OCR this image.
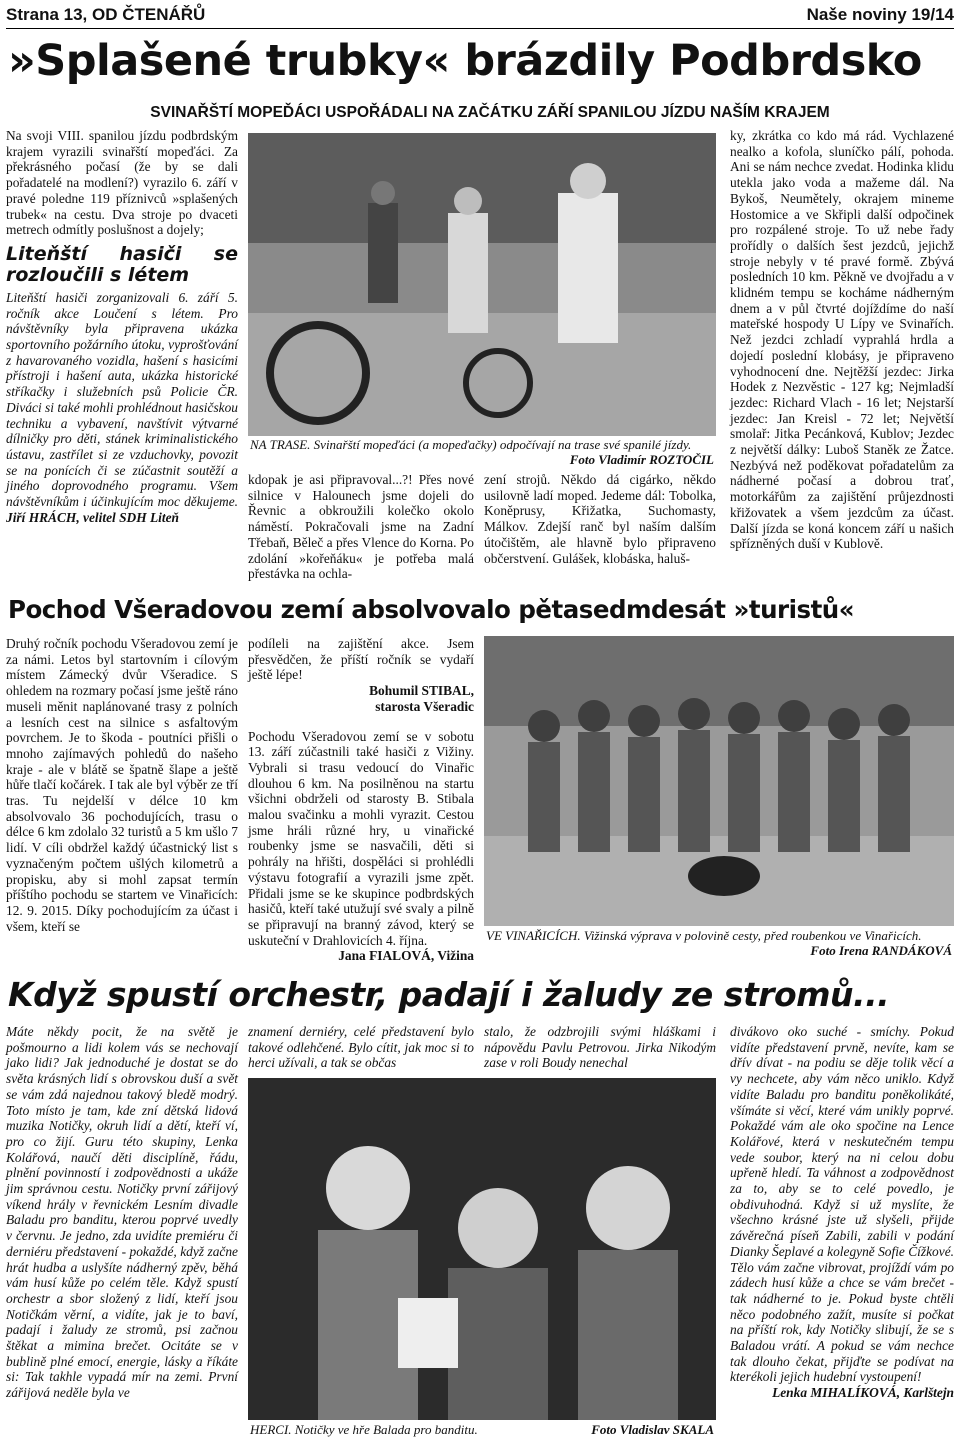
Strana 13, OD ČTENÁŘŮ	Naše noviny 19/14
»Splašené trubky« brázdily Podbrdsko
SVINAŘŠTÍ MOPEĎÁCI USPOŘÁDALI NA ZAČÁTKU ZÁŘÍ SPANILOU JÍZDU NAŠÍM KRAJEM

Na svoji VIII. spanilou jízdu podbrdským krajem vyrazili svinařští mopeďáci. Za překrásného počasí (že by se dali pořadatelé na modlení?) vyrazilo 6. září v pravé poledne 119 příznivců »splašených trubek« na cestu. Dva stroje po dvaceti metrech odmítly poslušnost a dojely;

Liteňští hasiči se rozloučili s létem

Liteňští hasiči zorganizovali 6. září 5. ročník akce Loučení s létem. Pro návštěvníky byla připravena ukázka sportovního požárního útoku, vyprošťování z havarovaného vozidla, hašení s hasicími přístroji i hašení auta, ukázka historické stříkačky i služebních psů Policie ČR. Diváci si také mohli prohlédnout hasičskou techniku a vybavení, navštívit výtvarné dílničky pro děti, stánek kriminalistického ústavu, zastřílet si ze vzduchovky, povozit se na ponících či se zúčastnit soutěží a jiného doprovodného programu. Všem návštěvníkům i účinkujícím moc děkujeme. Jiří HRÁCH, velitel SDH Liteň

NA TRASE. Svinařští mopeďáci (a mopeďačky) odpočívají na trase své spanilé jízdy.
Foto Vladimír ROZTOČIL
kdopak je asi připravoval...?! Přes nové silnice v Halounech jsme dojeli do Řevnic a obkroužili kolečko okolo náměstí. Pokračovali jsme na Zadní Třebaň, Běleč a přes Vlence do Korna. Po zdolání »kořeňáku« je potřeba malá přestávka na ochla-
zení strojů. Někdo dá cigárko, někdo usilovně ladí moped. Jedeme dál: Tobolka, Koněprusy, Křižatka, Suchomasty, Málkov. Zdejší ranč byl naším dalším útočištěm, ale hlavně bylo připraveno občerstvení. Gulášek, klobáska, haluš-
ky, zkrátka co kdo má rád. Vychlazené nealko a kofola, sluníčko pálí, pohoda. Ani se nám nechce zvedat. Hodinka klidu utekla jako voda a mažeme dál. Na Bykoš, Neumětely, okrajem mineme Hostomice a ve Skřipli další odpočinek pro rozpálené stroje. To už nebe řady prořídly o dalších šest jezdců, jejichž stroje nebyly v té pravé formě. Zbývá posledních 10 km. Pěkně ve dvojřadu a v klidném tempu se kocháme nádherným dnem a v půl čtvrté dojíždíme do naší mateřské hospody U Lípy ve Svinařích. Než jezdci zchladí vyprahlá hrdla a dojedí poslední klobásy, je připraveno vyhodnocení dne. Nejtěžší jezdec: Jirka Hodek z Nezvěstic - 127 kg; Nejmladší jezdec: Richard Vlach - 16 let; Nejstarší jezdec: Jan Kreisl - 72 let; Největší smolař: Jitka Pecánková, Kublov; Jezdec z největší dálky: Luboš Staněk ze Žatce. Nezbývá než poděkovat pořadatelům za nádherné počasí a dobrou trať, motorkářům za zajištění průjezdnosti křižovatek a všem jezdcům za účast. Další jízda se koná koncem září u našich spřízněných duší v Kublově.
Pochod Všeradovou zemí absolvovalo pětasedmdesát »turistů«
Druhý ročník pochodu Všeradovou zemí je za námi. Letos byl startovním i cílovým místem Zámecký dvůr Všeradice. S ohledem na rozmary počasí jsme ještě ráno museli měnit naplánované trasy z polních a lesních cest na silnice s asfaltovým povrchem. Je to škoda - poutníci přišli o mnoho zajímavých pohledů do našeho kraje - ale v blátě se špatně šlape a ještě hůře tlačí kočárek. I tak ale byl výběr ze tří tras. Tu nejdelší v délce 10 km absolvovalo 36 pochodujících, trasu o délce 6 km zdolalo 32 turistů a 5 km ušlo 7 lidí. V cíli obdržel každý účastnický list s vyznačeným počtem ušlých kilometrů a propisku, aby si mohl zapsat termín příštího pochodu se startem ve Vinařicích: 12. 9. 2015. Díky pochodujícím za účast i všem, kteří se

podíleli na zajištění akce. Jsem přesvědčen, že příští ročník se vydaří ještě lépe!

Bohumil STIBAL,

starosta Všeradic

Pochodu Všeradovou zemí se v sobotu 13. září zúčastnili také hasiči z Vižiny. Vybrali si trasu vedoucí do Vinařic dlouhou 6 km. Na posilněnou na startu všichni obdrželi od starosty B. Stibala malou svačinku a mohli vyrazit. Cestou jsme hráli různé hry, u vinařické roubenky jsme se nasvačili, děti si pohrály na hřišti, dospěláci si prohlédli výstavu fotografií a vyrazili jsme zpět. Přidali jsme se ke skupince podbrdských hasičů, kteří také utužují své svaly a pilně se připravují na branný závod, který se uskuteční v Drahlovicích 4. října.

Jana FIALOVÁ, Vižina

VE VINAŘICÍCH. Vižinská výprava v polovině cesty, před roubenkou ve Vinařicích.
Foto Irena RANDÁKOVÁ
Když spustí orchestr, padají i žaludy ze stromů...
Máte někdy pocit, že na světě je pošmourno a lidi kolem vás se nechovají jako lidi? Jak jednoduché je dostat se do světa krásných lidí s obrovskou duší a svět se vám zdá najednou takový bledě modrý. Toto místo je tam, kde zní dětská lidová muzika Notičky, okruh lidí a dětí, kteří ví, pro co žijí. Guru této skupiny, Lenka Kolářová, naučí děti disciplíně, řádu, plnění povinností i zodpovědnosti a ukáže jim správnou cestu. Notičky první zářijový víkend hrály v řevnickém Lesním divadle Baladu pro banditu, kterou poprvé uvedly v červnu. Je jedno, zda uvidíte premiéru či derniéru představení - pokaždé, když začne hrát hudba a uslyšíte nádherný zpěv, běhá vám husí kůže po celém těle. Když spustí orchestr a sbor složený z lidí, kteří jsou Notičkám věrní, a vidíte, jak je to baví, padají i žaludy ze stromů, psi začnou štěkat a mimina brečet. Ocitáte se v bublině plné emocí, energie, lásky a říkáte si: Tak takhle vypadá mír na zemi. První zářijová neděle byla ve
znamení derniéry, celé představení bylo takové odlehčené. Bylo cítit, jak moc si to herci užívali, a tak se občas
stalo, že odzbrojili svými hláškami i nápovědu Pavlu Petrovou. Jirka Nikodým zase v roli Boudy nenechal
HERCI. Notičky ve hře Balada pro banditu.	Foto Vladislav SKALA

divákovo oko suché - smíchy. Pokud vidíte představení prvně, nevíte, kam se dřív dívat - na podiu se děje tolik věcí a vy nechcete, aby vám něco uniklo. Když vidíte Baladu pro banditu poněkolikáté, všímáte si věcí, které vám unikly poprvé. Pokaždé vám ale oko spočine na Lence Kolářové, která v neskutečném tempu vede soubor, který na ni celou dobu upřeně hledí. Ta váhnost a zodpovědnost za to, aby se to celé povedlo, je obdivuhodná. Když si už myslíte, že všechno krásné jste už slyšeli, přijde závěrečná píseň Zabili, zabili v podání Dianky Šeplavé a kolegyně Sofie Čížkové. Tělo vám začne vibrovat, projíždí vám po zádech husí kůže a chce se vám brečet - tak nádherné to je. Pokud byste chtěli něco podobného zažít, musíte si počkat na příští rok, kdy Notičky slibují, že se s Baladou vrátí. A pokud se vám nechce tak dlouho čekat, přijďte se podívat na kterékoli jejich hudební vystoupení!

Lenka MIHALÍKOVÁ, Karlštejn
